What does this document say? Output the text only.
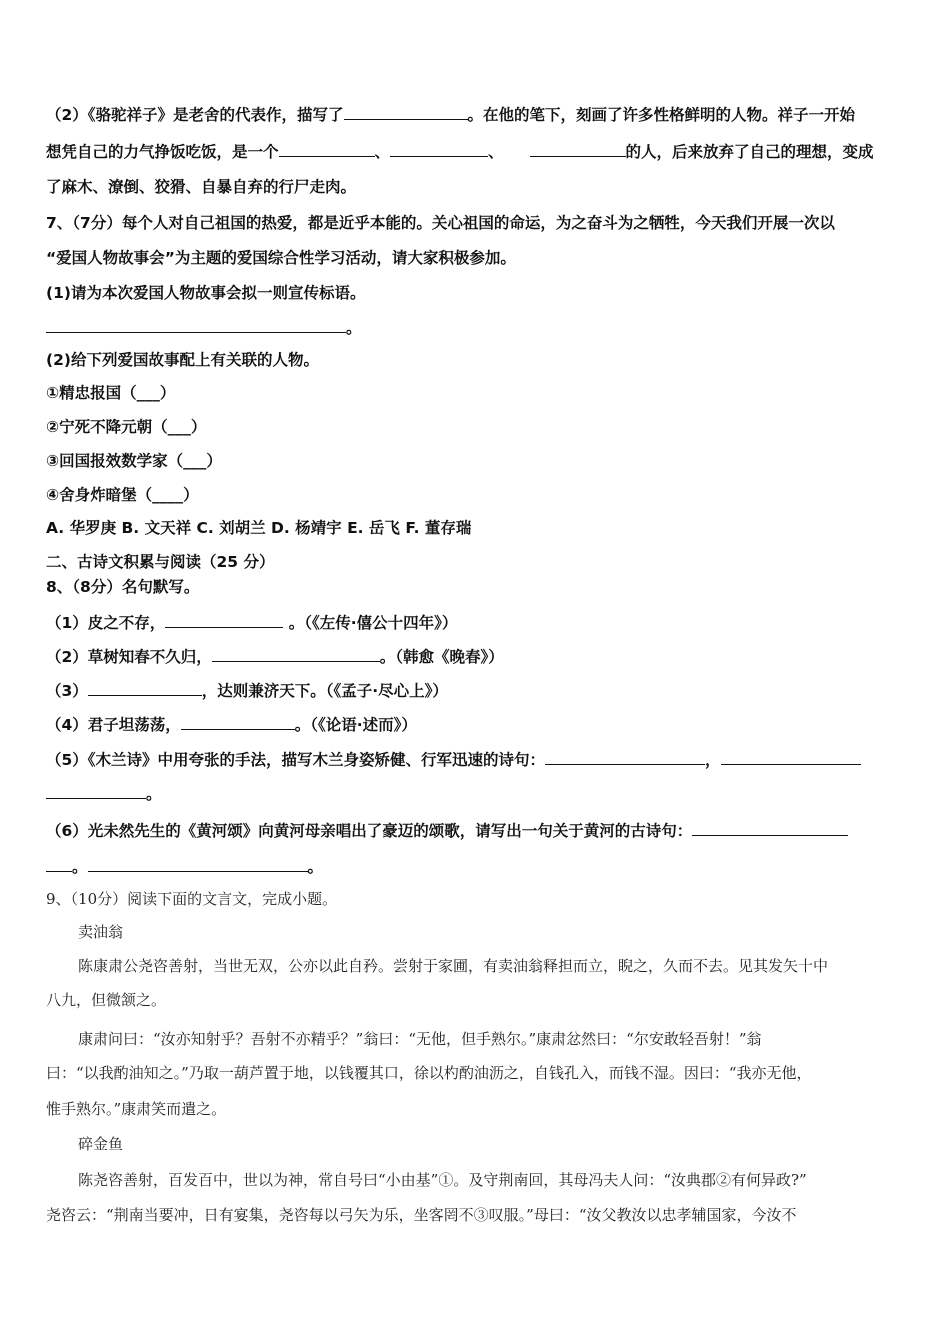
（2）《骆驼祥子》是老舍的代表作，描写了	。在他的笔下，刻画了许多性格鲜明的人物。祥子一开始
想凭自己的力气挣饭吃饭，是一个	、	、	的人，后来放弃了自己的理想，变成
了麻木、潦倒、狡猾、自暴自弃的行尸走肉。
7、（7分）每个人对自己祖国的热爱，都是近乎本能的。关心祖国的命运，为之奋斗为之牺牲，今天我们开展一次以
“爱国人物故事会”为主题的爱国综合性学习活动，请大家积极参加。
(1)请为本次爱国人物故事会拟一则宣传标语。
。
(2)给下列爱国故事配上有关联的人物。
①精忠报国（___）
②宁死不降元朝（___）
③回国报效数学家（___）
④舍身炸暗堡（____）
A. 华罗庚 B. 文天祥 C. 刘胡兰 D. 杨靖宇 E. 岳飞 F. 董存瑞
二、古诗文积累与阅读（25 分）
8、（8分）名句默写。
（1）皮之不存，	。（《左传·僖公十四年》）
（2）草树知春不久归，	。（韩愈《晚春》）
（3）	，达则兼济天下。（《孟子·尽心上》）
（4）君子坦荡荡，	。（《论语·述而》）
（5）《木兰诗》中用夸张的手法，描写木兰身姿矫健、行军迅速的诗句：	，
。
（6）光未然先生的《黄河颂》向黄河母亲唱出了豪迈的颂歌，请写出一句关于黄河的古诗句：
。	。
9、（10分）阅读下面的文言文，完成小题。
卖油翁
陈康肃公尧咨善射，当世无双，公亦以此自矜。尝射于家圃，有卖油翁释担而立，睨之，久而不去。见其发矢十中
八九，但微颔之。
康肃问曰：“汝亦知射乎？吾射不亦精乎？”翁曰：“无他，但手熟尔。”康肃忿然曰：“尔安敢轻吾射！”翁
曰：“以我酌油知之。”乃取一葫芦置于地，以钱覆其口，徐以杓酌油沥之，自钱孔入，而钱不湿。因曰：“我亦无他，
惟手熟尔。”康肃笑而遣之。
碎金鱼
陈尧咨善射，百发百中，世以为神，常自号曰“小由基”①。及守荆南回，其母冯夫人问：“汝典郡②有何异政?”
尧咨云：“荆南当要冲，日有宴集，尧咨每以弓矢为乐，坐客罔不③叹服。”母曰：“汝父教汝以忠孝辅国家，今汝不
